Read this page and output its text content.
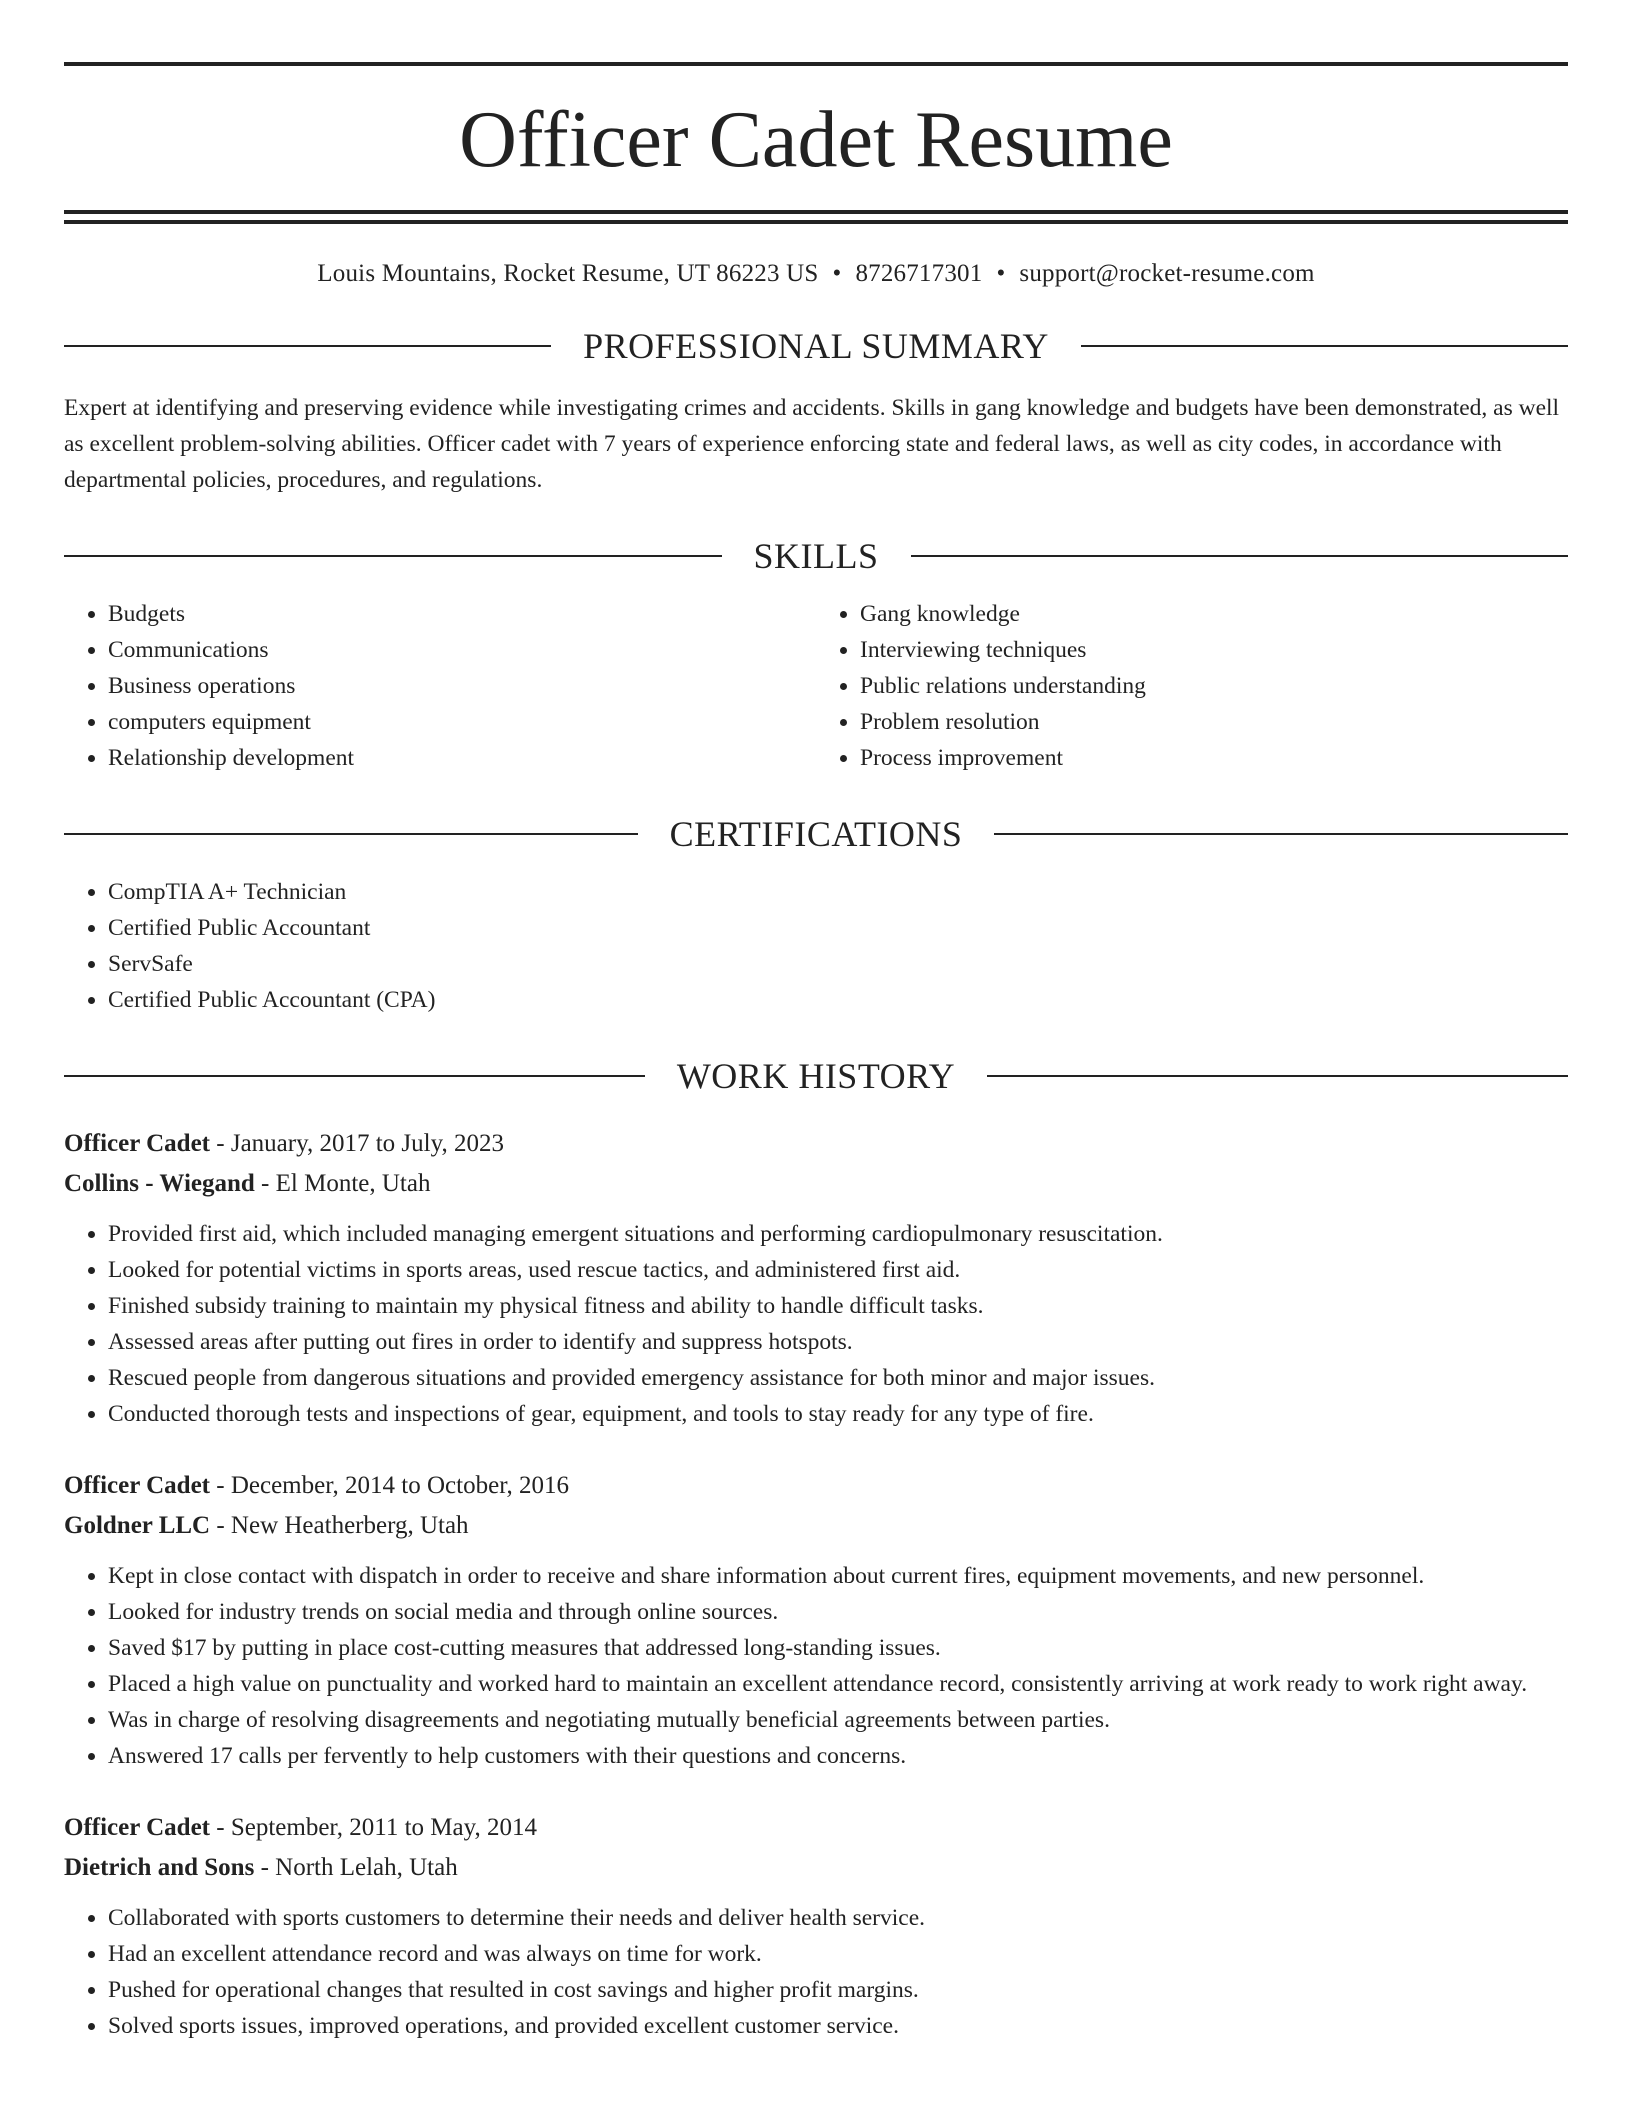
Officer Cadet Resume
Louis Mountains, Rocket Resume, UT 86223 US • 8726717301 • support@rocket-resume.com
PROFESSIONAL SUMMARY
Expert at identifying and preserving evidence while investigating crimes and accidents. Skills in gang knowledge and budgets have been demonstrated, as well as excellent problem-solving abilities. Officer cadet with 7 years of experience enforcing state and federal laws, as well as city codes, in accordance with departmental policies, procedures, and regulations.
SKILLS
• Budgets
• Communications
• Business operations
• computers equipment
• Relationship development
• Gang knowledge
• Interviewing techniques
• Public relations understanding
• Problem resolution
• Process improvement
CERTIFICATIONS
• CompTIA A+ Technician
• Certified Public Accountant
• ServSafe
• Certified Public Accountant (CPA)
WORK HISTORY
Officer Cadet - January, 2017 to July, 2023
Collins - Wiegand - El Monte, Utah
• Provided first aid, which included managing emergent situations and performing cardiopulmonary resuscitation.
• Looked for potential victims in sports areas, used rescue tactics, and administered first aid.
• Finished subsidy training to maintain my physical fitness and ability to handle difficult tasks.
• Assessed areas after putting out fires in order to identify and suppress hotspots.
• Rescued people from dangerous situations and provided emergency assistance for both minor and major issues.
• Conducted thorough tests and inspections of gear, equipment, and tools to stay ready for any type of fire.
Officer Cadet - December, 2014 to October, 2016
Goldner LLC - New Heatherberg, Utah
• Kept in close contact with dispatch in order to receive and share information about current fires, equipment movements, and new personnel.
• Looked for industry trends on social media and through online sources.
• Saved $17 by putting in place cost-cutting measures that addressed long-standing issues.
• Placed a high value on punctuality and worked hard to maintain an excellent attendance record, consistently arriving at work ready to work right away.
• Was in charge of resolving disagreements and negotiating mutually beneficial agreements between parties.
• Answered 17 calls per fervently to help customers with their questions and concerns.
Officer Cadet - September, 2011 to May, 2014
Dietrich and Sons - North Lelah, Utah
• Collaborated with sports customers to determine their needs and deliver health service.
• Had an excellent attendance record and was always on time for work.
• Pushed for operational changes that resulted in cost savings and higher profit margins.
• Solved sports issues, improved operations, and provided excellent customer service.
